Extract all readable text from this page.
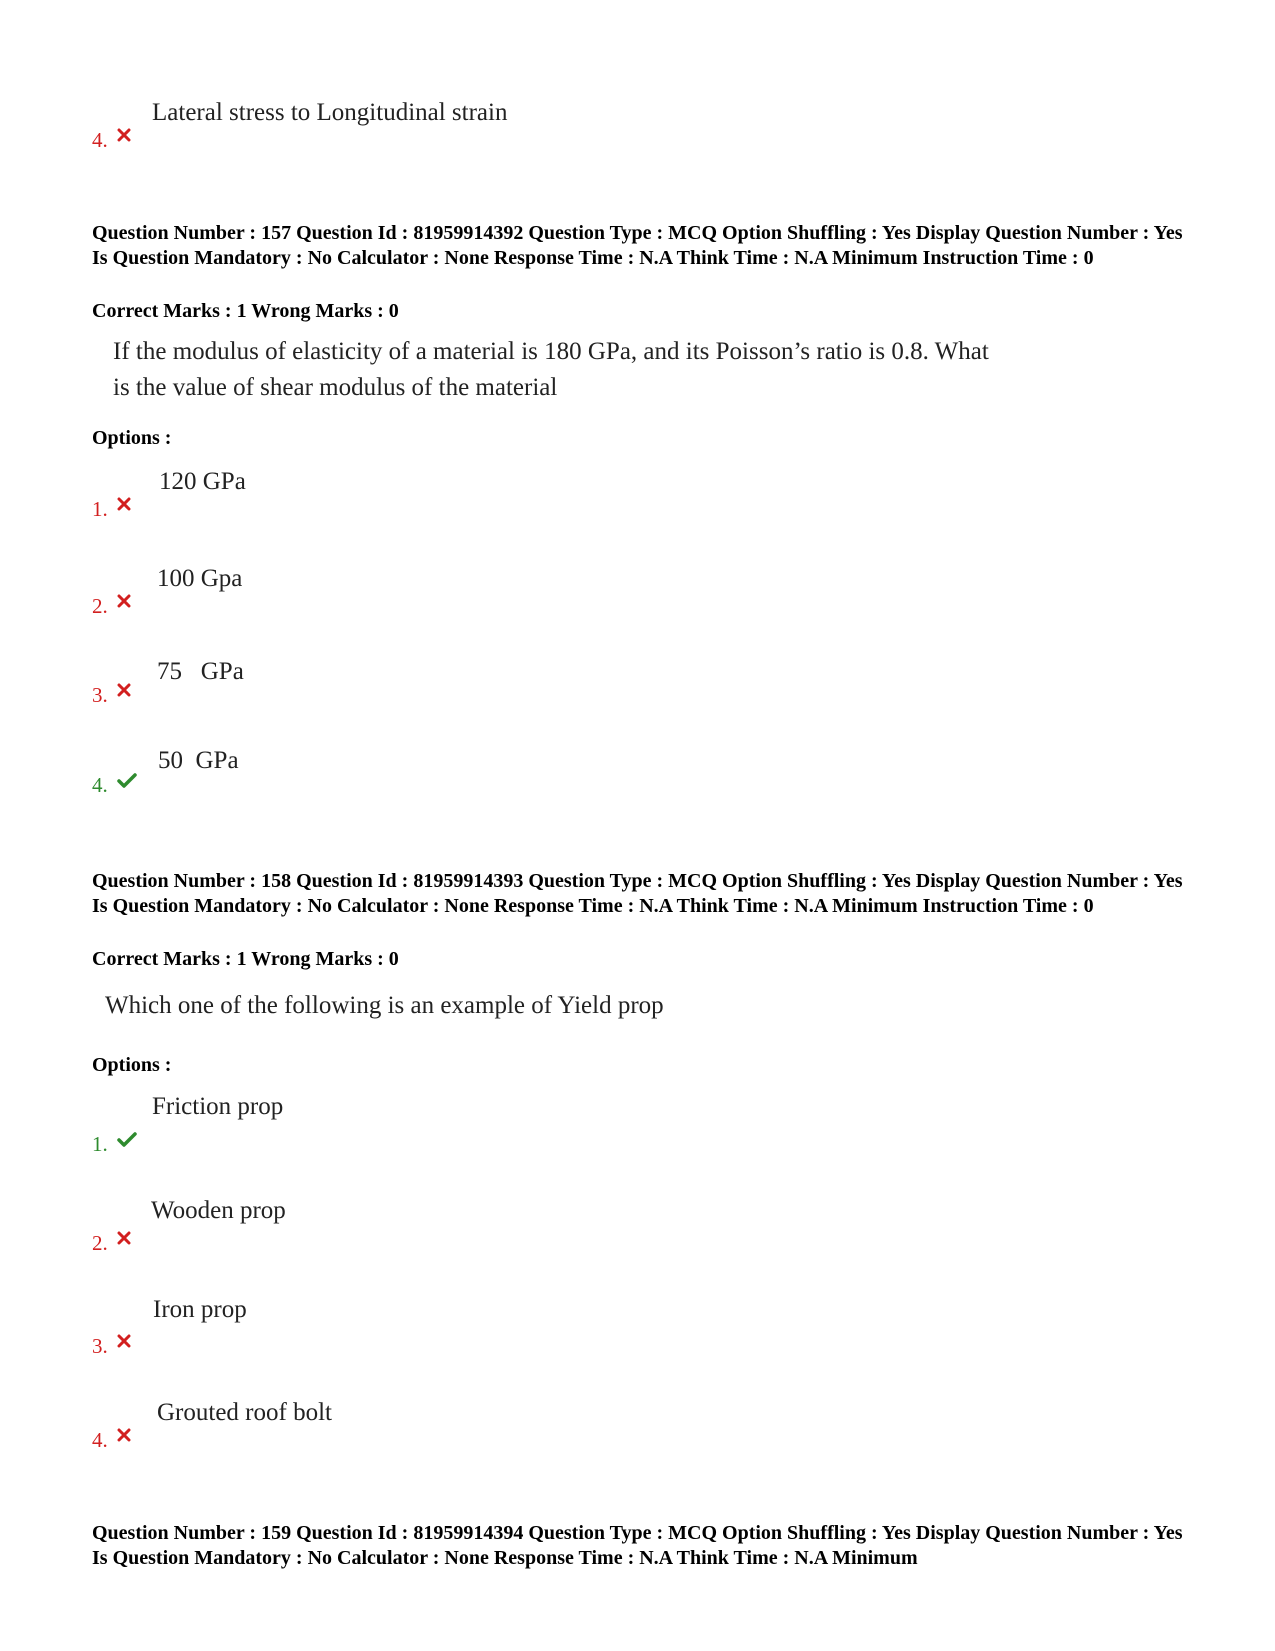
Lateral stress to Longitudinal strain
4.
Question Number : 157 Question Id : 81959914392 Question Type : MCQ Option Shuffling : Yes Display Question Number : Yes Is Question Mandatory : No Calculator : None Response Time : N.A Think Time : N.A Minimum Instruction Time : 0
Correct Marks : 1 Wrong Marks : 0
If the modulus of elasticity of a material is 180 GPa, and its Poisson’s ratio is 0.8. What
is the value of shear modulus of the material
Options :
120 GPa
1.
100 Gpa
2.
75   GPa
3.
50  GPa
4.
Question Number : 158 Question Id : 81959914393 Question Type : MCQ Option Shuffling : Yes Display Question Number : Yes Is Question Mandatory : No Calculator : None Response Time : N.A Think Time : N.A Minimum Instruction Time : 0
Correct Marks : 1 Wrong Marks : 0
Which one of the following is an example of Yield prop
Options :
Friction prop
1.
Wooden prop
2.
Iron prop
3.
Grouted roof bolt
4.
Question Number : 159 Question Id : 81959914394 Question Type : MCQ Option Shuffling : Yes Display Question Number : Yes Is Question Mandatory : No Calculator : None Response Time : N.A Think Time : N.A Minimum
